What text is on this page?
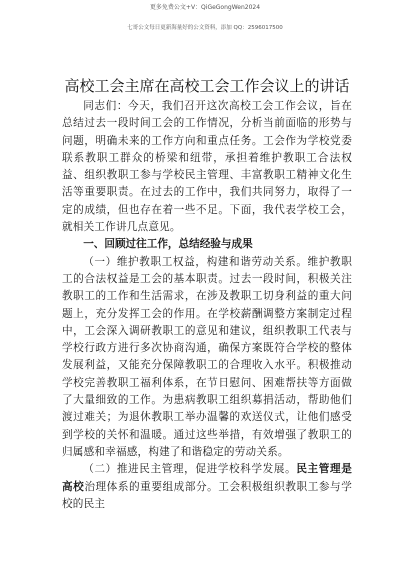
更多免费公文+V：QiGeGongWen2024
七哥公文每日更新海量好的公文资料，添加 QQ：2596017500
高校工会主席在高校工会工作会议上的讲话

同志们：今天，我们召开这次高校工会工作会议，旨在总结过去一段时间工会的工作情况，分析当前面临的形势与问题，明确未来的工作方向和重点任务。工会作为学校党委联系教职工群众的桥梁和纽带，承担着维护教职工合法权益、组织教职工参与学校民主管理、丰富教职工精神文化生活等重要职责。在过去的工作中，我们共同努力，取得了一定的成绩，但也存在着一些不足。下面，我代表学校工会，就相关工作讲几点意见。

一、回顾过往工作，总结经验与成果

（一）维护教职工权益，构建和谐劳动关系。维护教职工的合法权益是工会的基本职责。过去一段时间，积极关注教职工的工作和生活需求，在涉及教职工切身利益的重大问题上，充分发挥工会的作用。在学校薪酬调整方案制定过程中，工会深入调研教职工的意见和建议，组织教职工代表与学校行政方进行多次协商沟通，确保方案既符合学校的整体发展利益，又能充分保障教职工的合理收入水平。积极推动学校完善教职工福利体系，在节日慰问、困难帮扶等方面做了大量细致的工作。为患病教职工组织募捐活动，帮助他们渡过难关；为退休教职工举办温馨的欢送仪式，让他们感受到学校的关怀和温暖。通过这些举措，有效增强了教职工的归属感和幸福感，构建了和谐稳定的劳动关系。

（二）推进民主管理，促进学校科学发展。民主管理是高校治理体系的重要组成部分。工会积极组织教职工参与学校的民主
